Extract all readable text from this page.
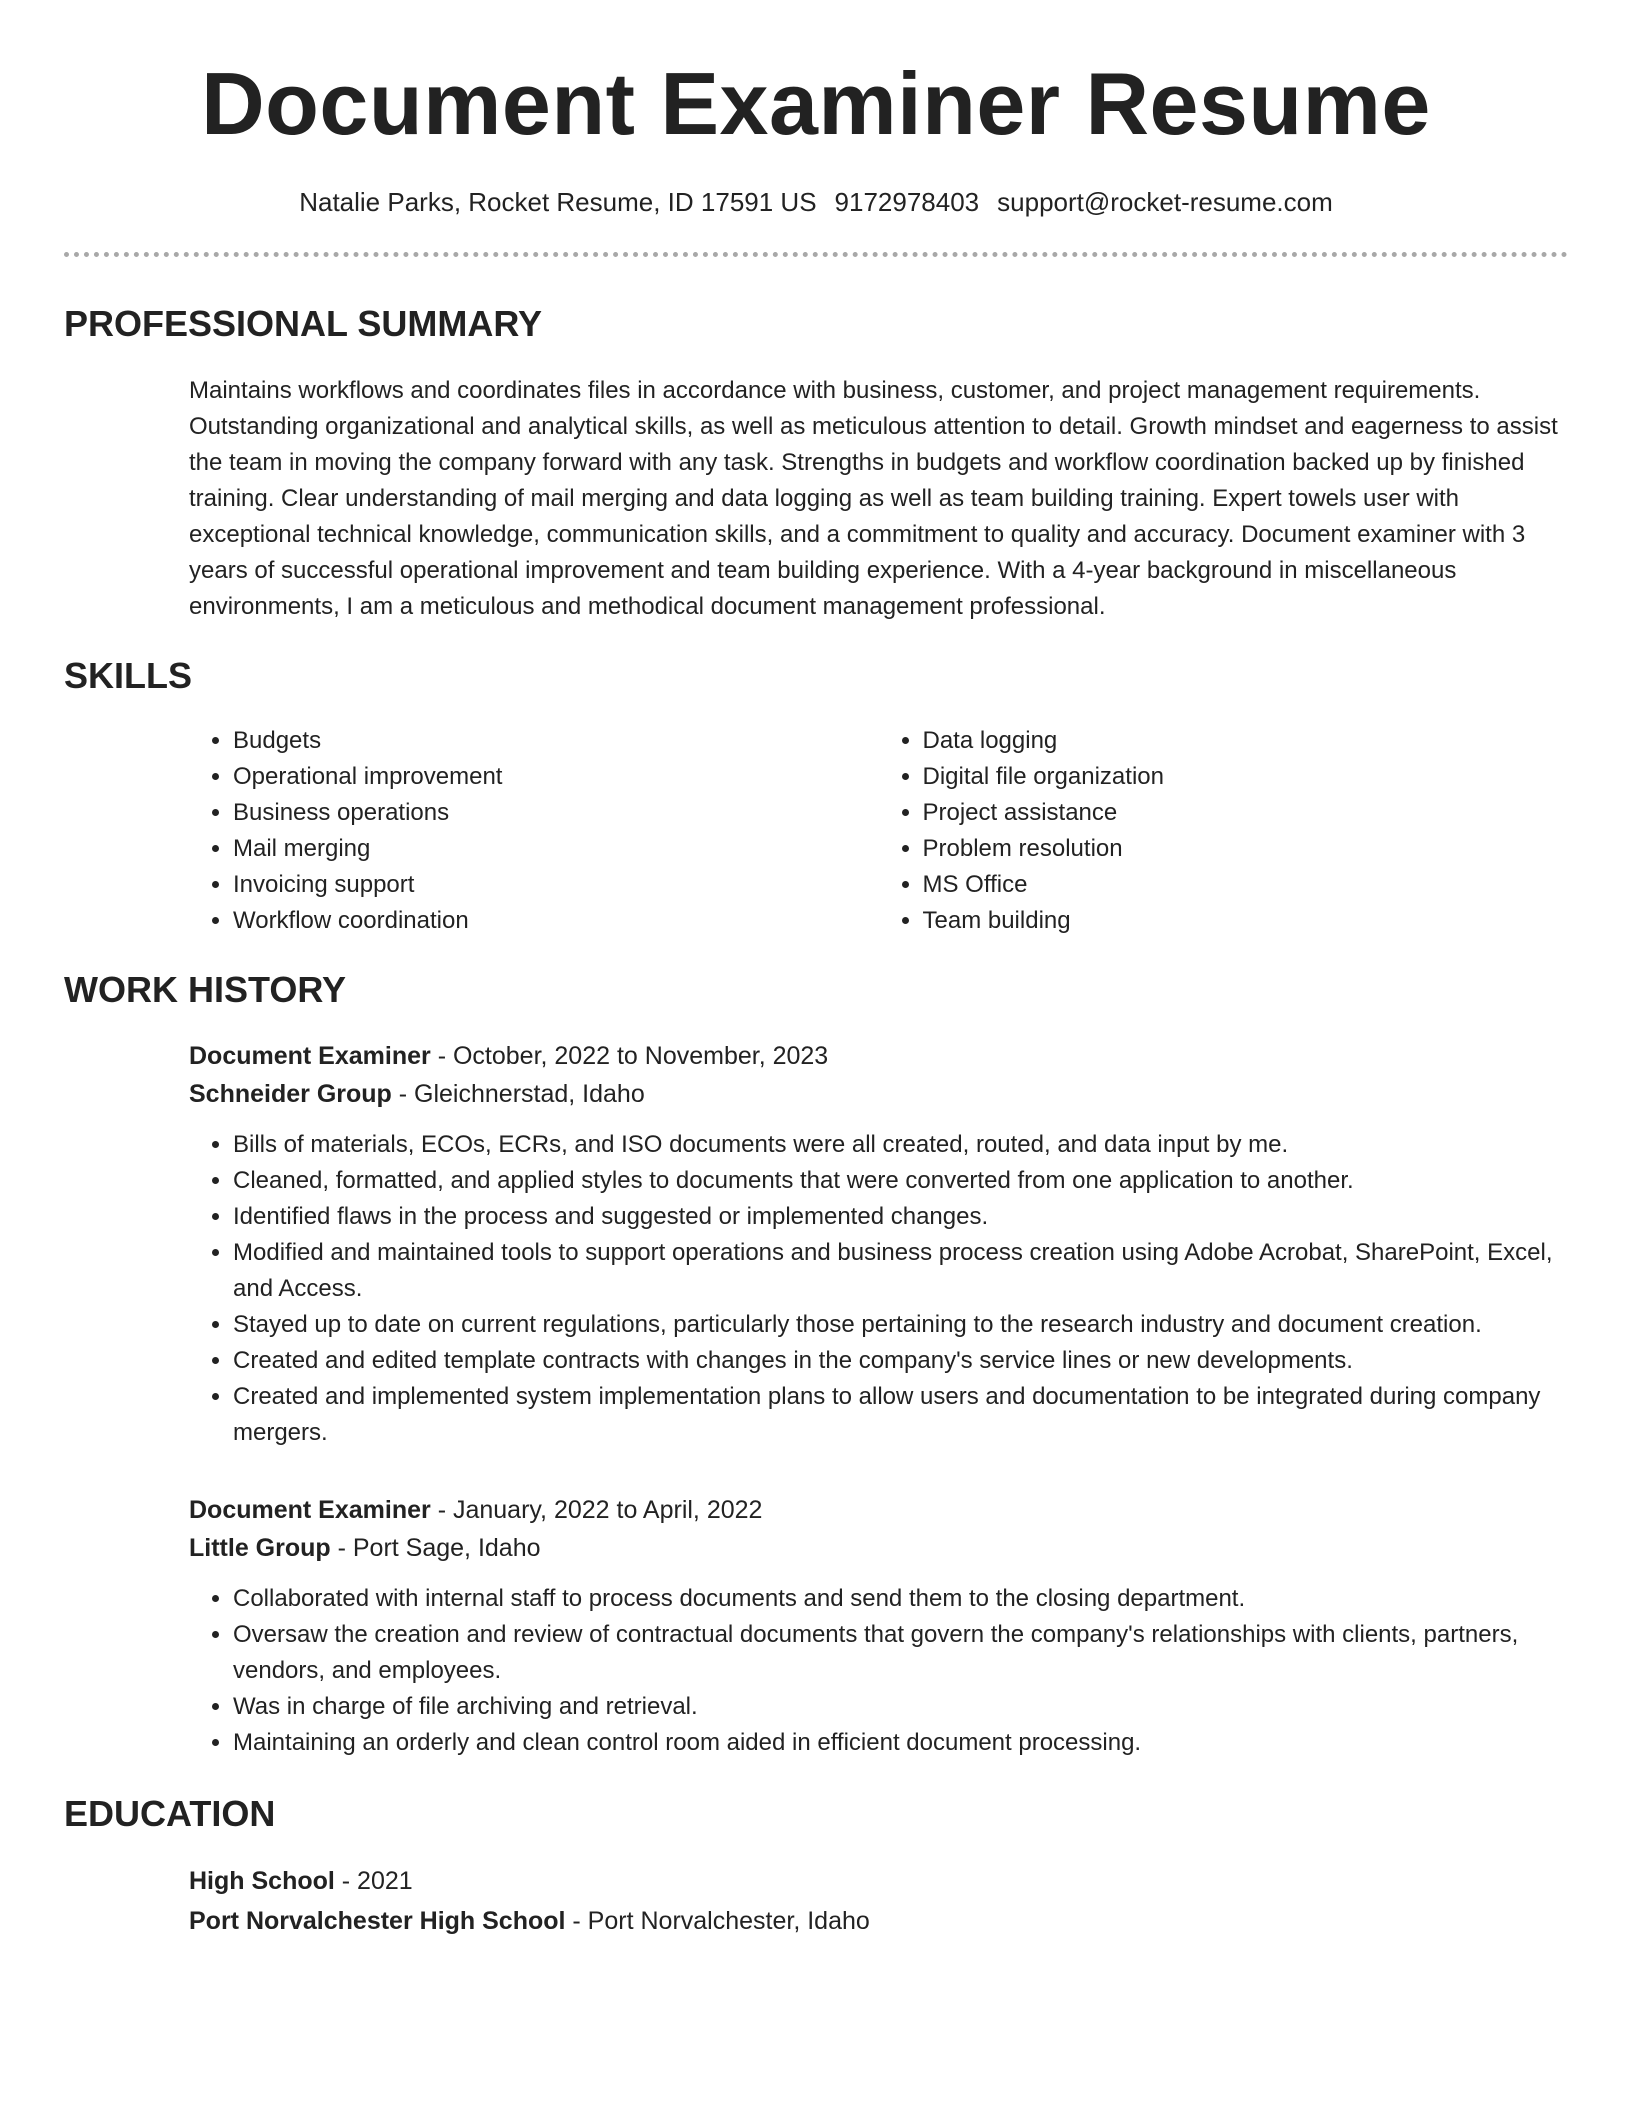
Document Examiner Resume
Natalie Parks, Rocket Resume, ID 17591 US 9172978403 support@rocket-resume.com
PROFESSIONAL SUMMARY
Maintains workflows and coordinates files in accordance with business, customer, and project management requirements. Outstanding organizational and analytical skills, as well as meticulous attention to detail. Growth mindset and eagerness to assist the team in moving the company forward with any task. Strengths in budgets and workflow coordination backed up by finished training. Clear understanding of mail merging and data logging as well as team building training. Expert towels user with exceptional technical knowledge, communication skills, and a commitment to quality and accuracy. Document examiner with 3 years of successful operational improvement and team building experience. With a 4-year background in miscellaneous environments, I am a meticulous and methodical document management professional.
SKILLS
• Budgets
• Operational improvement
• Business operations
• Mail merging
• Invoicing support
• Workflow coordination
• Data logging
• Digital file organization
• Project assistance
• Problem resolution
• MS Office
• Team building
WORK HISTORY
Document Examiner - October, 2022 to November, 2023
Schneider Group - Gleichnerstad, Idaho
• Bills of materials, ECOs, ECRs, and ISO documents were all created, routed, and data input by me.
• Cleaned, formatted, and applied styles to documents that were converted from one application to another.
• Identified flaws in the process and suggested or implemented changes.
• Modified and maintained tools to support operations and business process creation using Adobe Acrobat, SharePoint, Excel, and Access.
• Stayed up to date on current regulations, particularly those pertaining to the research industry and document creation.
• Created and edited template contracts with changes in the company's service lines or new developments.
• Created and implemented system implementation plans to allow users and documentation to be integrated during company mergers.
Document Examiner - January, 2022 to April, 2022
Little Group - Port Sage, Idaho
• Collaborated with internal staff to process documents and send them to the closing department.
• Oversaw the creation and review of contractual documents that govern the company's relationships with clients, partners, vendors, and employees.
• Was in charge of file archiving and retrieval.
• Maintaining an orderly and clean control room aided in efficient document processing.
EDUCATION
High School - 2021
Port Norvalchester High School - Port Norvalchester, Idaho
